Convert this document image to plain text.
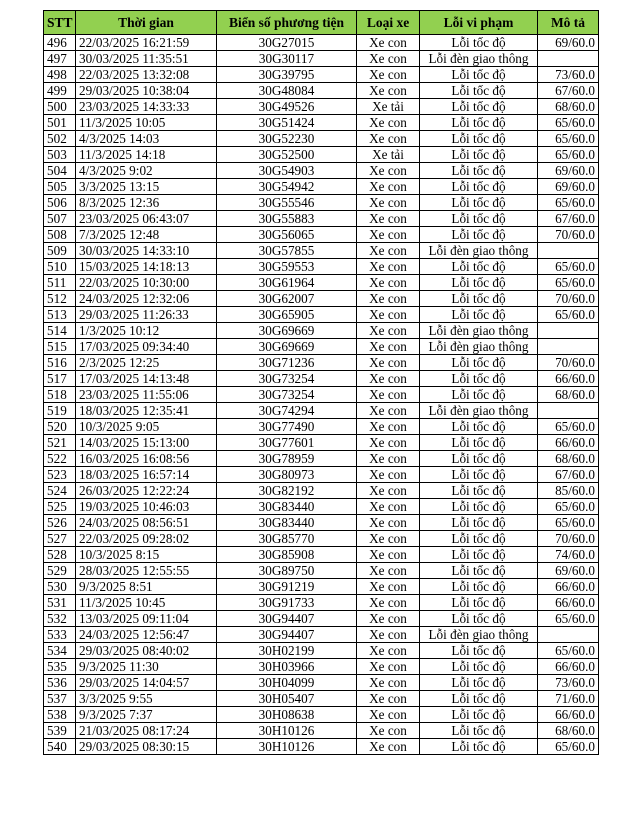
STT	Thời gian	Biển số phương tiện	Loại xe	Lỗi vi phạm	Mô tả
496	22/03/2025 16:21:59	30G27015	Xe con	Lỗi tốc độ	69/60.0
497	30/03/2025 11:35:51	30G30117	Xe con	Lỗi đèn giao thông	
498	22/03/2025 13:32:08	30G39795	Xe con	Lỗi tốc độ	73/60.0
499	29/03/2025 10:38:04	30G48084	Xe con	Lỗi tốc độ	67/60.0
500	23/03/2025 14:33:33	30G49526	Xe tải	Lỗi tốc độ	68/60.0
501	11/3/2025 10:05	30G51424	Xe con	Lỗi tốc độ	65/60.0
502	4/3/2025 14:03	30G52230	Xe con	Lỗi tốc độ	65/60.0
503	11/3/2025 14:18	30G52500	Xe tải	Lỗi tốc độ	65/60.0
504	4/3/2025 9:02	30G54903	Xe con	Lỗi tốc độ	69/60.0
505	3/3/2025 13:15	30G54942	Xe con	Lỗi tốc độ	69/60.0
506	8/3/2025 12:36	30G55546	Xe con	Lỗi tốc độ	65/60.0
507	23/03/2025 06:43:07	30G55883	Xe con	Lỗi tốc độ	67/60.0
508	7/3/2025 12:48	30G56065	Xe con	Lỗi tốc độ	70/60.0
509	30/03/2025 14:33:10	30G57855	Xe con	Lỗi đèn giao thông	
510	15/03/2025 14:18:13	30G59553	Xe con	Lỗi tốc độ	65/60.0
511	22/03/2025 10:30:00	30G61964	Xe con	Lỗi tốc độ	65/60.0
512	24/03/2025 12:32:06	30G62007	Xe con	Lỗi tốc độ	70/60.0
513	29/03/2025 11:26:33	30G65905	Xe con	Lỗi tốc độ	65/60.0
514	1/3/2025 10:12	30G69669	Xe con	Lỗi đèn giao thông	
515	17/03/2025 09:34:40	30G69669	Xe con	Lỗi đèn giao thông	
516	2/3/2025 12:25	30G71236	Xe con	Lỗi tốc độ	70/60.0
517	17/03/2025 14:13:48	30G73254	Xe con	Lỗi tốc độ	66/60.0
518	23/03/2025 11:55:06	30G73254	Xe con	Lỗi tốc độ	68/60.0
519	18/03/2025 12:35:41	30G74294	Xe con	Lỗi đèn giao thông	
520	10/3/2025 9:05	30G77490	Xe con	Lỗi tốc độ	65/60.0
521	14/03/2025 15:13:00	30G77601	Xe con	Lỗi tốc độ	66/60.0
522	16/03/2025 16:08:56	30G78959	Xe con	Lỗi tốc độ	68/60.0
523	18/03/2025 16:57:14	30G80973	Xe con	Lỗi tốc độ	67/60.0
524	26/03/2025 12:22:24	30G82192	Xe con	Lỗi tốc độ	85/60.0
525	19/03/2025 10:46:03	30G83440	Xe con	Lỗi tốc độ	65/60.0
526	24/03/2025 08:56:51	30G83440	Xe con	Lỗi tốc độ	65/60.0
527	22/03/2025 09:28:02	30G85770	Xe con	Lỗi tốc độ	70/60.0
528	10/3/2025 8:15	30G85908	Xe con	Lỗi tốc độ	74/60.0
529	28/03/2025 12:55:55	30G89750	Xe con	Lỗi tốc độ	69/60.0
530	9/3/2025 8:51	30G91219	Xe con	Lỗi tốc độ	66/60.0
531	11/3/2025 10:45	30G91733	Xe con	Lỗi tốc độ	66/60.0
532	13/03/2025 09:11:04	30G94407	Xe con	Lỗi tốc độ	65/60.0
533	24/03/2025 12:56:47	30G94407	Xe con	Lỗi đèn giao thông	
534	29/03/2025 08:40:02	30H02199	Xe con	Lỗi tốc độ	65/60.0
535	9/3/2025 11:30	30H03966	Xe con	Lỗi tốc độ	66/60.0
536	29/03/2025 14:04:57	30H04099	Xe con	Lỗi tốc độ	73/60.0
537	3/3/2025 9:55	30H05407	Xe con	Lỗi tốc độ	71/60.0
538	9/3/2025 7:37	30H08638	Xe con	Lỗi tốc độ	66/60.0
539	21/03/2025 08:17:24	30H10126	Xe con	Lỗi tốc độ	68/60.0
540	29/03/2025 08:30:15	30H10126	Xe con	Lỗi tốc độ	65/60.0
